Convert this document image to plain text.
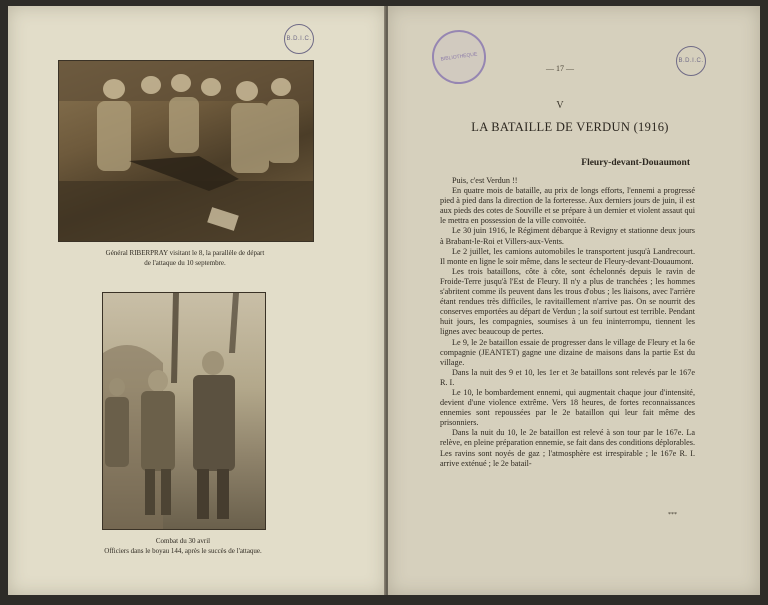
B.D.I.C.
Général RIBERPRAY visitant le 8, la parallèle de départ
de l'attaque du 10 septembre.
Combat du 30 avril
Officiers dans le boyau 144, après le succès de l'attaque.
BIBLIOTHEQUE	B.D.I.C.
— 17 —
V
LA BATAILLE DE VERDUN (1916)
Fleury-devant-Douaumont

Puis, c'est Verdun !!

En quatre mois de bataille, au prix de longs efforts, l'ennemi a progressé pied à pied dans la direction de la forteresse. Aux derniers jours de juin, il est aux pieds des cotes de Souville et se prépare à un dernier et violent assaut qui le mettra en possession de la ville convoitée.

Le 30 juin 1916, le Régiment débarque à Revigny et stationne deux jours à Brabant-le-Roi et Villers-aux-Vents.

Le 2 juillet, les camions automobiles le transportent jusqu'à Landrecourt. Il monte en ligne le soir même, dans le secteur de Fleury-devant-Douaumont.

Les trois bataillons, côte à côte, sont échelonnés depuis le ravin de Froide-Terre jusqu'à l'Est de Fleury. Il n'y a plus de tranchées ; les hommes s'abritent comme ils peuvent dans les trous d'obus ; les liaisons, avec l'arrière étant rendues très difficiles, le ravitaillement n'arrive pas. On se nourrit des conserves emportées au départ de Verdun ; la soif surtout est terrible. Pendant huit jours, les compagnies, soumises à un feu ininterrompu, tiennent les lignes avec beaucoup de pertes.

Le 9, le 2e bataillon essaie de progresser dans le village de Fleury et la 6e compagnie (JEANTET) gagne une dizaine de maisons dans la partie Est du village.

Dans la nuit des 9 et 10, les 1er et 3e bataillons sont relevés par le 167e R. I.

Le 10, le bombardement ennemi, qui augmentait chaque jour d'intensité, devient d'une violence extrême. Vers 18 heures, de fortes reconnaissances ennemies sont repoussées par le 2e bataillon qui leur fait même des prisonniers.

Dans la nuit du 10, le 2e bataillon est relevé à son tour par le 167e. La relève, en pleine préparation ennemie, se fait dans des conditions déplorables. Les ravins sont noyés de gaz ; l'atmosphère est irrespirable ; le 167e R. I. arrive exténué ; le 2e batail-

***
